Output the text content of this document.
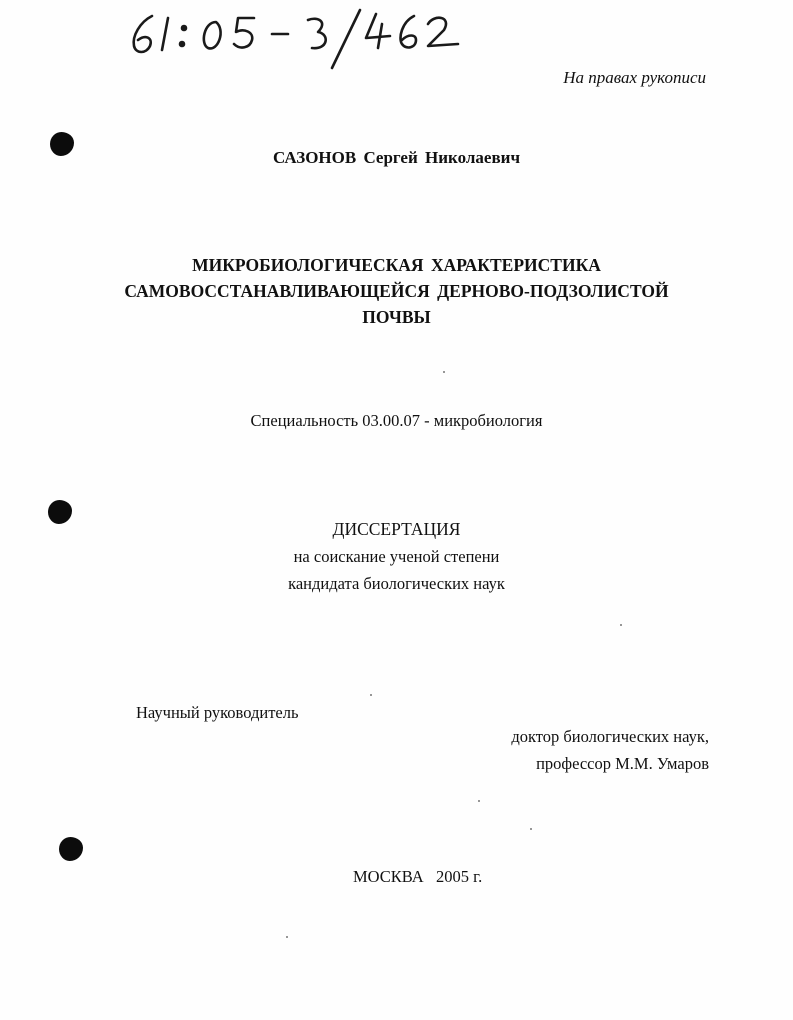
На правах рукописи
САЗОНОВ Сергей Николаевич
МИКРОБИОЛОГИЧЕСКАЯ ХАРАКТЕРИСТИКА
САМОВОССТАНАВЛИВАЮЩЕЙСЯ ДЕРНОВО-ПОДЗОЛИСТОЙ
ПОЧВЫ
Специальность 03.00.07 - микробиология
ДИССЕРТАЦИЯ
на соискание ученой степени
кандидата биологических наук
Научный руководитель
доктор биологических наук,
профессор М.М. Умаров
МОСКВА   2005 г.
